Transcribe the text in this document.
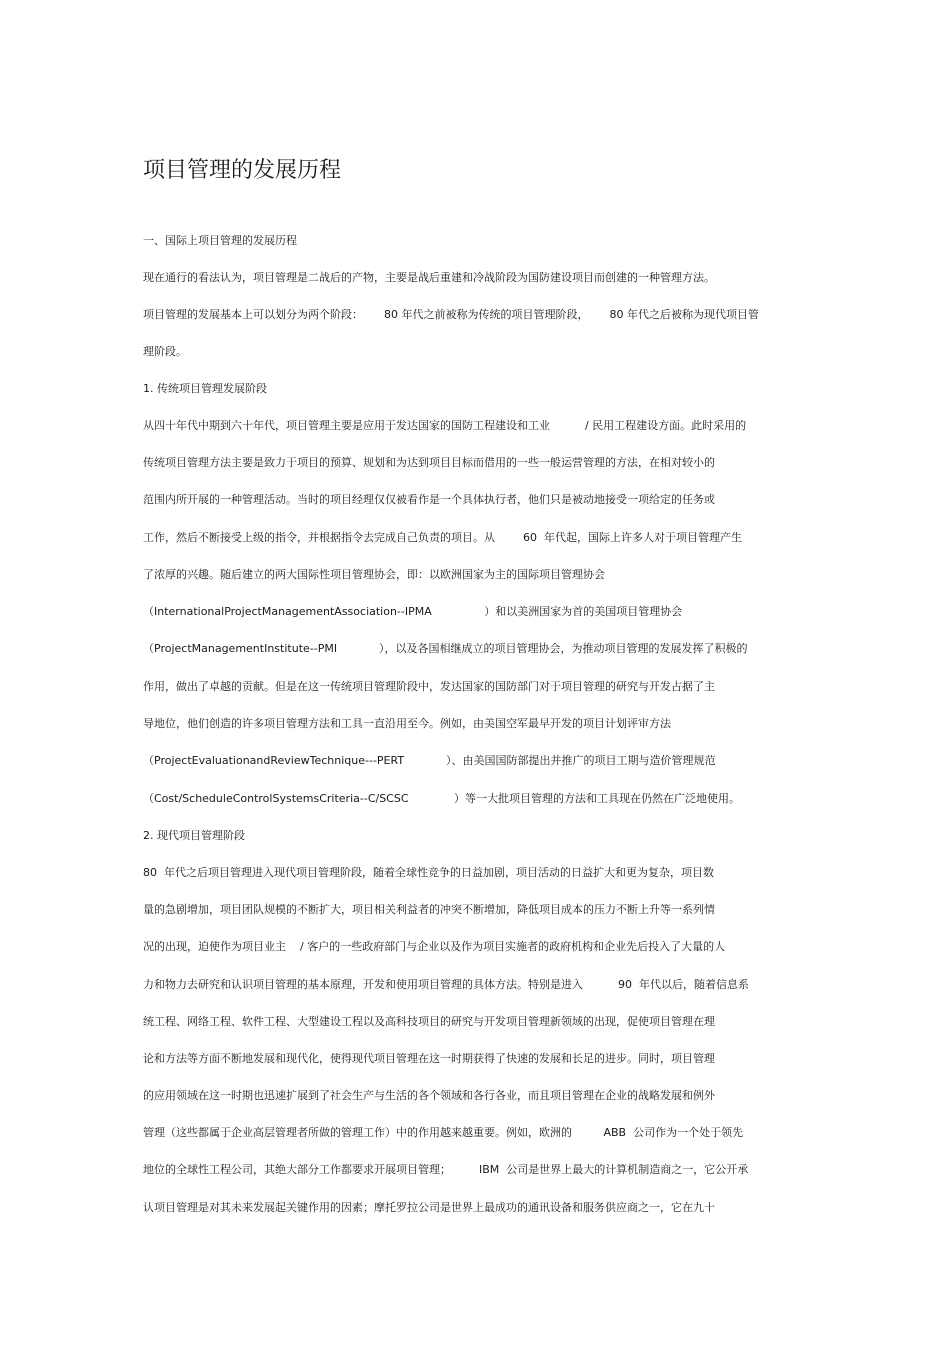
项目管理的发展历程
一、国际上项目管理的发展历程
现在通行的看法认为，项目管理是二战后的产物，主要是战后重建和冷战阶段为国防建设项目而创建的一种管理方法。
项目管理的发展基本上可以划分为两个阶段：      80 年代之前被称为传统的项目管理阶段，      80 年代之后被称为现代项目管
理阶段。
1. 传统项目管理发展阶段
从四十年代中期到六十年代，项目管理主要是应用于发达国家的国防工程建设和工业          / 民用工程建设方面。此时采用的
传统项目管理方法主要是致力于项目的预算、规划和为达到项目目标而借用的一些一般运营管理的方法，在相对较小的
范围内所开展的一种管理活动。当时的项目经理仅仅被看作是一个具体执行者，他们只是被动地接受一项给定的任务或
工作，然后不断接受上级的指令，并根据指令去完成自己负责的项目。从        60  年代起，国际上许多人对于项目管理产生
了浓厚的兴趣。随后建立的两大国际性项目管理协会，即：以欧洲国家为主的国际项目管理协会
（InternationalProjectManagementAssociation--IPMA               ）和以美洲国家为首的美国项目管理协会
（ProjectManagementInstitute--PMI            ），以及各国相继成立的项目管理协会，为推动项目管理的发展发挥了积极的
作用，做出了卓越的贡献。但是在这一传统项目管理阶段中，发达国家的国防部门对于项目管理的研究与开发占据了主
导地位，他们创造的许多项目管理方法和工具一直沿用至今。例如，由美国空军最早开发的项目计划评审方法
（ProjectEvaluationandReviewTechnique---PERT            ）、由美国国防部提出并推广的项目工期与造价管理规范
（Cost/ScheduleControlSystemsCriteria--C/SCSC             ）等一大批项目管理的方法和工具现在仍然在广泛地使用。
2. 现代项目管理阶段
80  年代之后项目管理进入现代项目管理阶段，随着全球性竞争的日益加剧，项目活动的日益扩大和更为复杂，项目数
量的急剧增加，项目团队规模的不断扩大，项目相关利益者的冲突不断增加，降低项目成本的压力不断上升等一系列情
况的出现，迫使作为项目业主    / 客户的一些政府部门与企业以及作为项目实施者的政府机构和企业先后投入了大量的人
力和物力去研究和认识项目管理的基本原理，开发和使用项目管理的具体方法。特别是进入          90  年代以后，随着信息系
统工程、网络工程、软件工程、大型建设工程以及高科技项目的研究与开发项目管理新领域的出现，促使项目管理在理
论和方法等方面不断地发展和现代化，使得现代项目管理在这一时期获得了快速的发展和长足的进步。同时，项目管理
的应用领域在这一时期也迅速扩展到了社会生产与生活的各个领域和各行各业，而且项目管理在企业的战略发展和例外
管理（这些都属于企业高层管理者所做的管理工作）中的作用越来越重要。例如，欧洲的         ABB  公司作为一个处于领先
地位的全球性工程公司，其绝大部分工作都要求开展项目管理；        IBM  公司是世界上最大的计算机制造商之一，它公开承
认项目管理是对其未来发展起关键作用的因素；摩托罗拉公司是世界上最成功的通讯设备和服务供应商之一，它在九十
